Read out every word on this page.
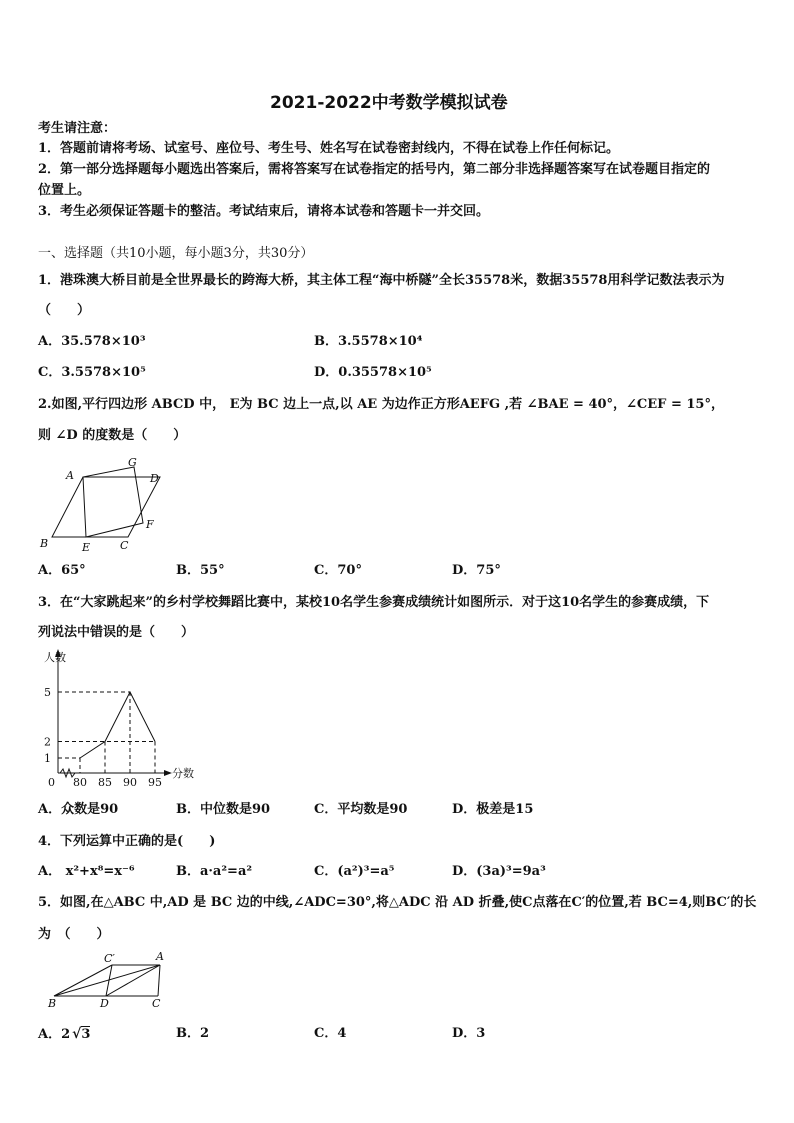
2021-2022中考数学模拟试卷
考生请注意：
1．答题前请将考场、试室号、座位号、考生号、姓名写在试卷密封线内，不得在试卷上作任何标记。
2．第一部分选择题每小题选出答案后，需将答案写在试卷指定的括号内，第二部分非选择题答案写在试卷题目指定的
位置上。
3．考生必须保证答题卡的整洁。考试结束后，请将本试卷和答题卡一并交回。
一、选择题（共10小题，每小题3分，共30分）
1．港珠澳大桥目前是全世界最长的跨海大桥，其主体工程“海中桥隧”全长35578米，数据35578用科学记数法表示为
（　　）
A．35.578×10³	B．3.5578×10⁴
C．3.5578×10⁵	D．0.35578×10⁵
2.如图,平行四边形 ABCD 中， E为 BC 边上一点,以 AE 为边作正方形AEFG ,若 ∠BAE = 40°，∠CEF = 15°，
则 ∠D 的度数是（　　）
A
G
D
B	E	C
F
A．65°	B．55°	C．70°	D．75°
3．在“大家跳起来”的乡村学校舞蹈比赛中，某校10名学生参赛成绩统计如图所示．对于这10名学生的参赛成绩，下
列说法中错误的是（　　）
人数
分数
0 80 85 90 95
1
2
5
A．众数是90	B．中位数是90	C．平均数是90	D．极差是15
4．下列运算中正确的是(　　)
A． x²+x⁸=x⁻⁶	B．a·a²=a²	C．(a²)³=a⁵	D．(3a)³=9a³
5．如图,在△ABC 中,AD 是 BC 边的中线,∠ADC=30°,将△ADC 沿 AD 折叠,使C点落在C′的位置,若 BC=4,则BC′的长
为　（　　）
C′	A
B	D	C
A．2 √3	B．2	C．4	D．3
